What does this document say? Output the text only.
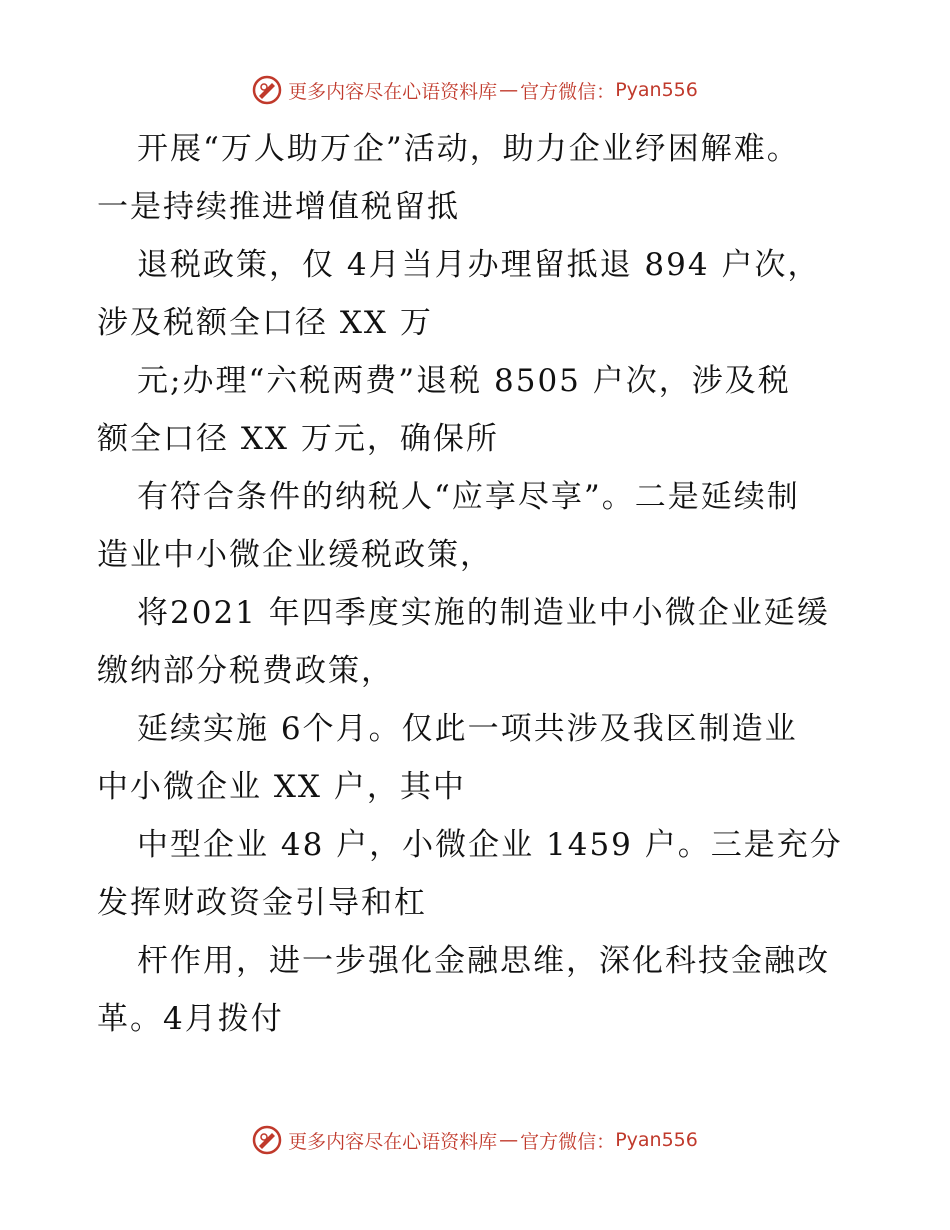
更多内容尽在心语资料库 — 官方微信： Pyan556
开展“万人助万企”活动，助力企业纾困解难。
一是持续推进增值税留抵
退税政策，仅 4月当月办理留抵退 894 户次，
涉及税额全口径 XX 万
元;办理“六税两费”退税 8505 户次，涉及税
额全口径 XX 万元，确保所
有符合条件的纳税人“应享尽享”。二是延续制
造业中小微企业缓税政策，
将2021 年四季度实施的制造业中小微企业延缓
缴纳部分税费政策，
延续实施 6个月。仅此一项共涉及我区制造业
中小微企业 XX 户，其中
中型企业 48 户，小微企业 1459 户。三是充分
发挥财政资金引导和杠
杆作用，进一步强化金融思维，深化科技金融改
革。4月拨付
更多内容尽在心语资料库 — 官方微信： Pyan556
